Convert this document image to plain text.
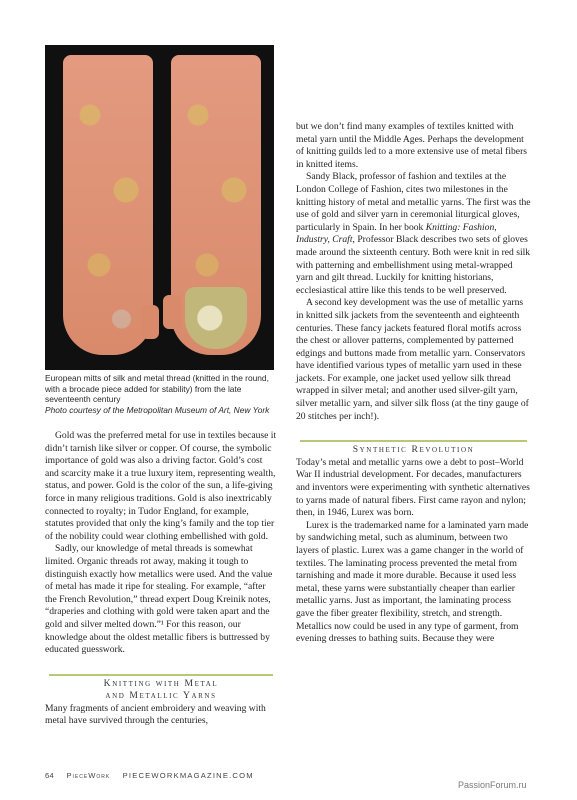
European mitts of silk and metal thread (knitted in the round, with a brocade piece added for stability) from the late seventeenth century
Photo courtesy of the Metropolitan Museum of Art, New York

Gold was the preferred metal for use in textiles because it didn’t tarnish like silver or copper. Of course, the symbolic importance of gold was also a driving factor. Gold’s cost and scarcity make it a true luxury item, representing wealth, status, and power. Gold is the color of the sun, a life-giving force in many religious traditions. Gold is also inextricably connected to royalty; in Tudor England, for example, statutes provided that only the king’s family and the top tier of the nobility could wear clothing embellished with gold.

Sadly, our knowledge of metal threads is somewhat limited. Organic threads rot away, making it tough to distinguish exactly how metallics were used. And the value of metal has made it ripe for stealing. For example, “after the French Revolution,” thread expert Doug Kreinik notes, “draperies and clothing with gold were taken apart and the gold and silver melted down.”¹ For this reason, our knowledge about the oldest metallic fibers is buttressed by educated guesswork.

Knitting with Metal
and Metallic Yarns

Many fragments of ancient embroidery and weaving with metal have survived through the centuries,

but we don’t find many examples of textiles knitted with metal yarn until the Middle Ages. Perhaps the development of knitting guilds led to a more extensive use of metal fibers in knitted items.

Sandy Black, professor of fashion and textiles at the London College of Fashion, cites two milestones in the knitting history of metal and metallic yarns. The first was the use of gold and silver yarn in ceremonial liturgical gloves, particularly in Spain. In her book Knitting: Fashion, Industry, Craft, Professor Black describes two sets of gloves made around the sixteenth century. Both were knit in red silk with patterning and embellishment using metal-wrapped yarn and gilt thread. Luckily for knitting historians, ecclesiastical attire like this tends to be well preserved.

A second key development was the use of metallic yarns in knitted silk jackets from the seventeenth and eighteenth centuries. These fancy jackets featured floral motifs across the chest or allover patterns, complemented by patterned edgings and buttons made from metallic yarn. Conservators have identified various types of metallic yarn used in these jackets. For example, one jacket used yellow silk thread wrapped in silver metal; and another used silver-gilt yarn, silver metallic yarn, and silver silk floss (at the tiny gauge of 20 stitches per inch!).

Synthetic Revolution

Today’s metal and metallic yarns owe a debt to post–World War II industrial development. For decades, manufacturers and inventors were experimenting with synthetic alternatives to yarns made of natural fibers. First came rayon and nylon; then, in 1946, Lurex was born.

Lurex is the trademarked name for a laminated yarn made by sandwiching metal, such as aluminum, between two layers of plastic. Lurex was a game changer in the world of textiles. The laminating process prevented the metal from tarnishing and made it more durable. Because it used less metal, these yarns were substantially cheaper than earlier metallic yarns. Just as important, the laminating process gave the fiber greater flexibility, stretch, and strength. Metallics now could be used in any type of garment, from evening dresses to bathing suits. Because they were

64 PieceWork PIECEWORKMAGAZINE.COM
PassionForum.ru
